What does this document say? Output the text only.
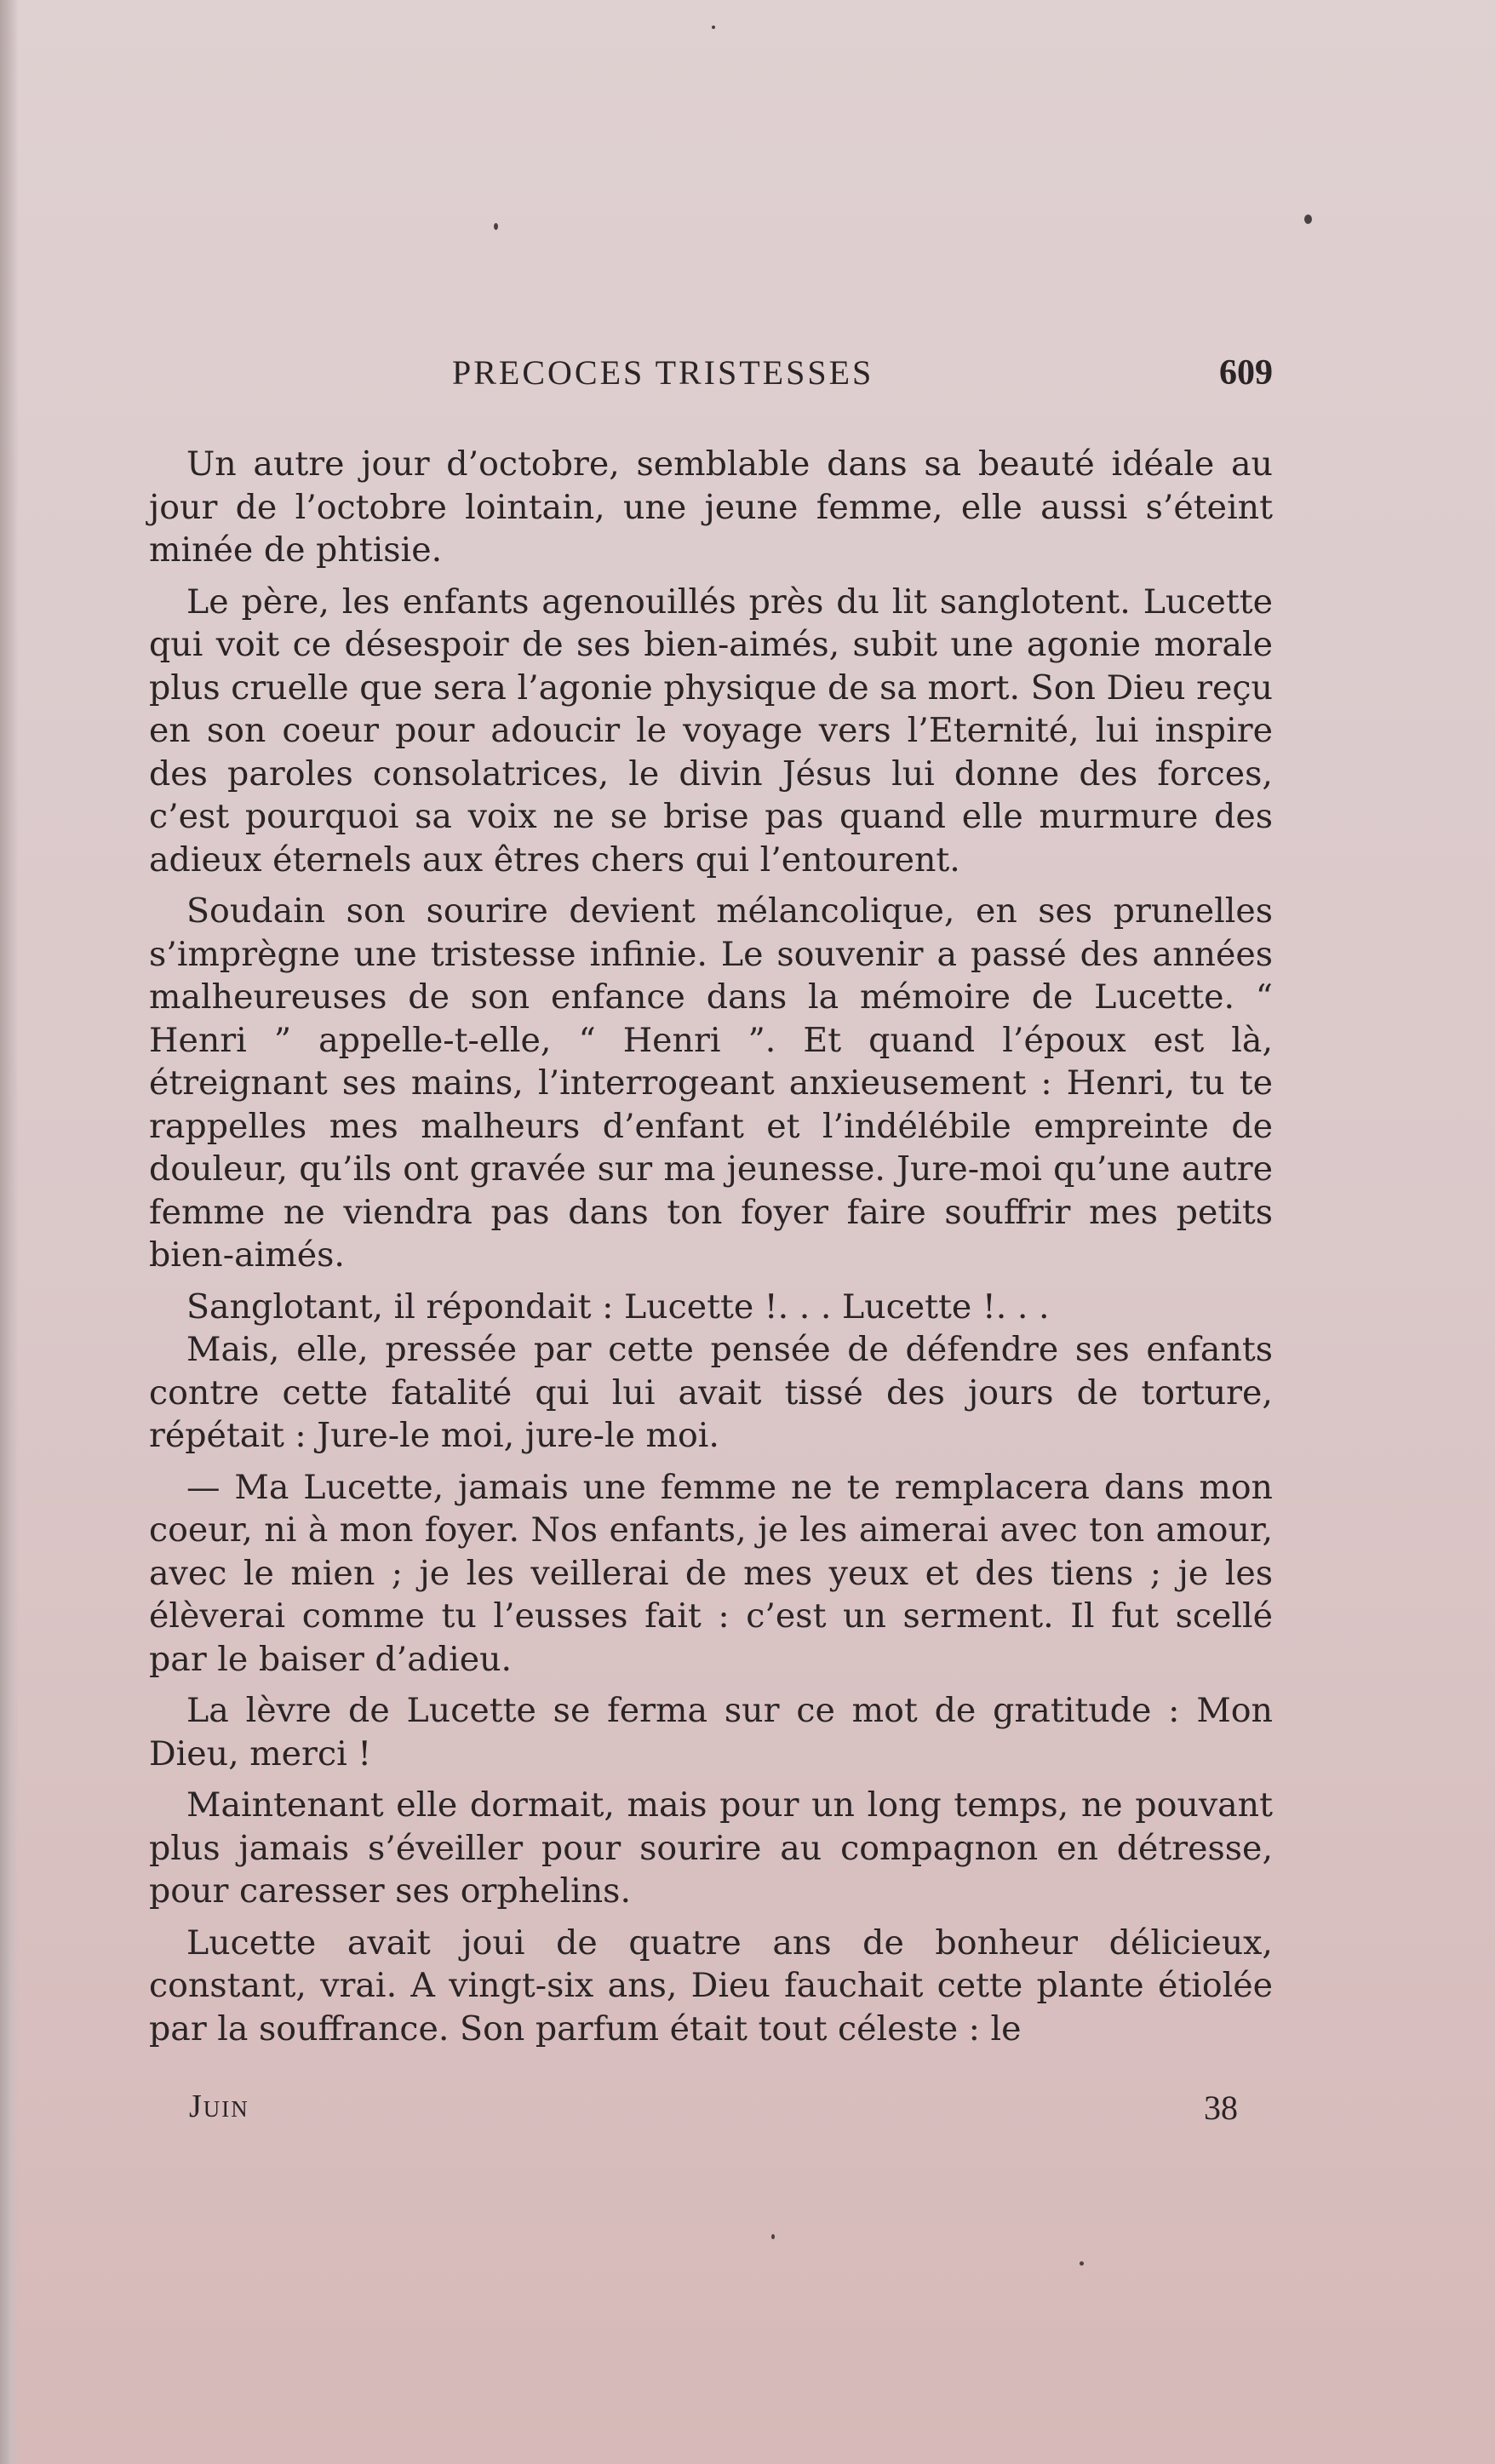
PRECOCES TRISTESSES	609

Un autre jour d’octobre, semblable dans sa beauté idéale au jour de l’octobre lointain, une jeune femme, elle aussi s’éteint minée de phtisie.

Le père, les enfants agenouillés près du lit sanglotent. Lucette qui voit ce désespoir de ses bien-aimés, subit une agonie morale plus cruelle que sera l’agonie physique de sa mort. Son Dieu reçu en son coeur pour adoucir le voyage vers l’Eternité, lui inspire des paroles consolatrices, le divin Jésus lui donne des forces, c’est pourquoi sa voix ne se brise pas quand elle murmure des adieux éternels aux êtres chers qui l’entourent.

Soudain son sourire devient mélancolique, en ses prunelles s’imprègne une tristesse infinie. Le souvenir a passé des années malheureuses de son enfance dans la mémoire de Lucette. “ Henri ” appelle-t-elle, “ Henri ”. Et quand l’époux est là, étreignant ses mains, l’interrogeant anxieusement : Henri, tu te rappelles mes malheurs d’enfant et l’indélébile empreinte de douleur, qu’ils ont gravée sur ma jeunesse. Jure-moi qu’une autre femme ne viendra pas dans ton foyer faire souffrir mes petits bien-aimés.

Sanglotant, il répondait : Lucette !. . . Lucette !. . .

Mais, elle, pressée par cette pensée de défendre ses enfants contre cette fatalité qui lui avait tissé des jours de torture, répétait : Jure-le moi, jure-le moi.

— Ma Lucette, jamais une femme ne te remplacera dans mon coeur, ni à mon foyer. Nos enfants, je les aimerai avec ton amour, avec le mien ; je les veillerai de mes yeux et des tiens ; je les élèverai comme tu l’eusses fait : c’est un serment. Il fut scellé par le baiser d’adieu.

La lèvre de Lucette se ferma sur ce mot de gratitude : Mon Dieu, merci !

Maintenant elle dormait, mais pour un long temps, ne pouvant plus jamais s’éveiller pour sourire au compagnon en détresse, pour caresser ses orphelins.

Lucette avait joui de quatre ans de bonheur délicieux, constant, vrai. A vingt-six ans, Dieu fauchait cette plante étiolée par la souffrance. Son parfum était tout céleste : le

Juin	38
